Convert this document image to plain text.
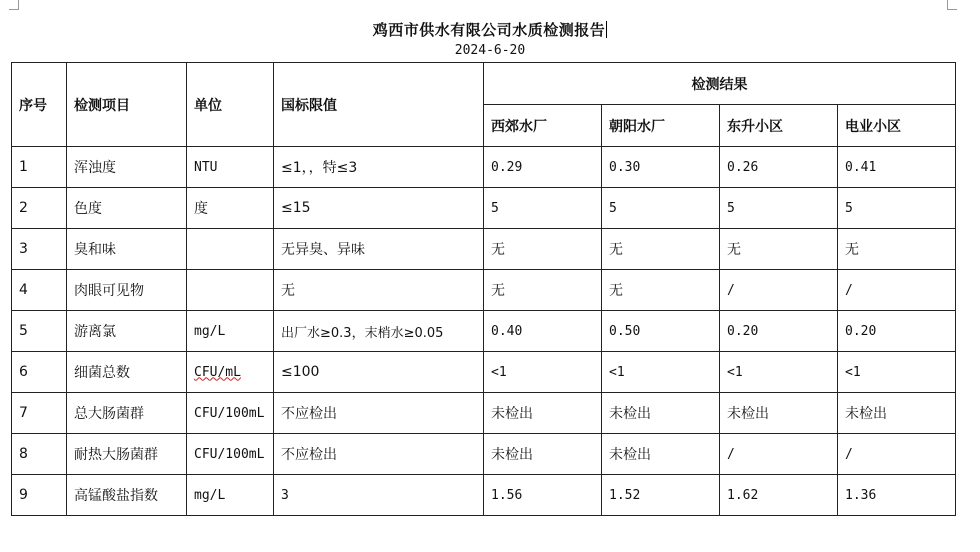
鸡西市供水有限公司水质检测报告
2024-6-20
序号	检测项目	单位	国标限值	检测结果			
				西郊水厂	朝阳水厂	东升小区	电业小区
1	浑浊度	NTU	≤1，，特≤3	0.29	0.30	0.26	0.41
2	色度	度	≤15	5	5	5	5
3	臭和味		无异臭、异味	无	无	无	无
4	肉眼可见物		无	无	无	/	/
5	游离氯	mg/L	出厂水≥0.3，末梢水≥0.05	0.40	0.50	0.20	0.20
6	细菌总数	CFU/mL	≤100	<1	<1	<1	<1
7	总大肠菌群	CFU/100mL	不应检出	未检出	未检出	未检出	未检出
8	耐热大肠菌群	CFU/100mL	不应检出	未检出	未检出	/	/
9	高锰酸盐指数	mg/L	3	1.56	1.52	1.62	1.36
